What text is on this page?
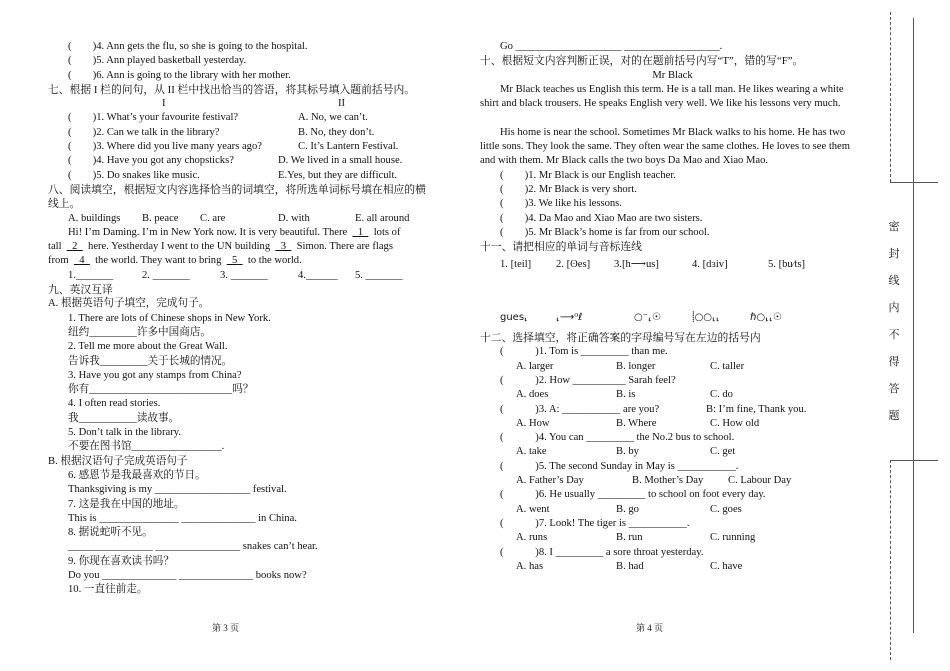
(　　)4. Ann gets the flu, so she is going to the hospital.
(　　)5. Ann played basketball yesterday.
(　　)6. Ann is going to the library with her mother.
七、根据 I 栏的问句，从 II 栏中找出恰当的答语，将其标号填入题前括号内。
I	II
(　　)1. What’s your favourite festival?	A. No, we can’t.
(　　)2. Can we talk in the library?	B. No, they don’t.
(　　)3. Where did you live many years ago?	C. It’s Lantern Festival.
(　　)4. Have you got any chopsticks?	D. We lived in a small house.
(　　)5. Do snakes like music.	E.Yes, but they are difficult.
八、阅读填空，根据短文内容选择恰当的词填空，将所选单词标号填在相应的横线上。
A. buildings B. peace C. are	D. with	E. all around
Hi! I’m Daming. I’m in New York now. It is very beautiful. There 1 lots of
tall 2 here. Yestherday I went to the UN building 3 Simon. There are flags
from 4 the world. They want to bring 5 to the world.
1._______	2. _______	3. _______	4.______ 5. _______
九、英汉互译
A. 根据英语句子填空，完成句子。
1. There are lots of Chinese shops in New York.
纽约_________许多中国商店。
2. Tell me more about the Great Wall.
告诉我_________关于长城的情况。
3. Have you got any stamps from China?
你有___________________________吗？
4. I often read stories.
我___________读故事。
5. Don’t talk in the library.
不要在图书馆_________________.
B. 根据汉语句子完成英语句子
6. 感恩节是我最喜欢的节日。
Thanksgiving is my __________________ festival.
7. 这是我在中国的地址。
This is _______________ ______________ in China.
8. 据说蛇听不见。
________________ ________________ snakes can’t hear.
9. 你现在喜欢读书吗？
Do you ______________ ______________ books now?
10. 一直往前走。
第 3 页
Go ____________________ __________________.
十、根据短文内容判断正误，对的在题前括号内写“T”，错的写“F”。
Mr Black
Mr Black teaches us English this term. He is a tall man. He likes wearing a white shirt and black trousers. He speaks English very well. We like his lessons very much.
His home is near the school. Sometimes Mr Black walks to his home. He has two little sons. They look the same. They often wear the same clothes. He loves to see them and with them. Mr Black calls the two boys Da Mao and Xiao Mao.
(　　)1. Mr Black is our English teacher.
(　　)2. Mr Black is very short.
(　　)3. We like his lessons.
(　　)4. Da Mao and Xiao Mao are two sisters.
(　　)5. Mr Black’s home is far from our school.
十一、请把相应的单词与音标连线
1. [teil] 2. [ʘes] 3.[h⟶us]	4. [dɜiv]	5. [bu∕ts]
gues⸤	⸤⟶ᵅℓ	○⁻⸤☉	⸽○○⸤⸤	ℏ○⸤⸤☉
十二、选择填空，将正确答案的字母编号写在左边的括号内
(　　　)1. Tom is _________ than me.
A. larger	B. longer	C. taller
(　　　)2. How __________ Sarah feel?
A. does	B. is	C. do
(　　　)3. A: ___________ are you?	B: I’m fine, Thank you.
A. How	B. Where	C. How old
(　　　)4. You can _________ the No.2 bus to school.
A. take	B. by	C. get
(　　　)5. The second Sunday in May is ___________.
A. Father’s Day	B. Mother’s Day C. Labour Day
(　　　)6. He usually _________ to school on foot every day.
A. went	B. go	C. goes
(　　　)7. Look! The tiger is ___________.
A. runs	B. run	C. running
(　　　)8. I _________ a sore throat yesterday.
A. has	B. had	C. have
第 4 页
密
封
线
内
不
得
答
题
